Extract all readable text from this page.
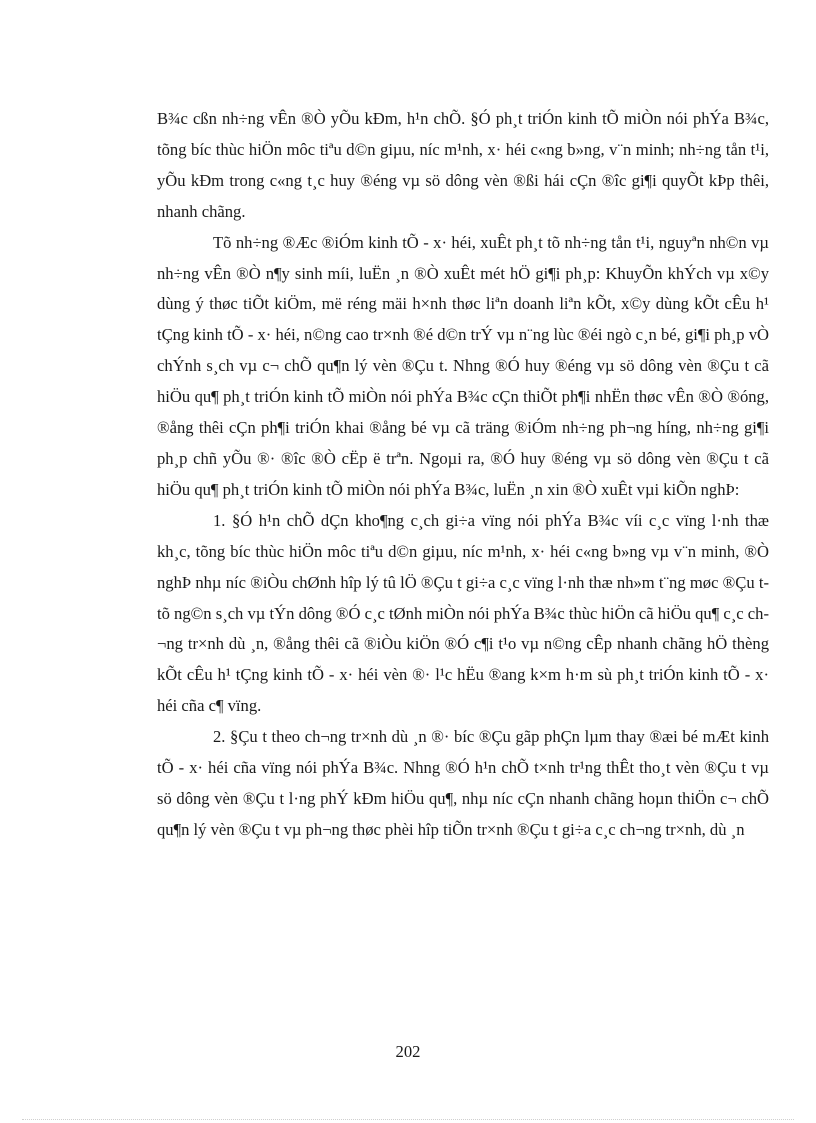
B¾c cßn nh÷ng vÊn ®Ò yÕu kÐm, h¹n chÕ. §Ó ph¸t triÓn kinh tÕ miÒn nói phÝa B¾c, tõng bíc thùc hiÖn môc tiªu d©n giµu, níc m¹nh, x· héi c«ng b»ng, v¨n minh; nh÷ng tån t¹i, yÕu kÐm trong c«ng t¸c huy ®éng vµ sö dông vèn ®ßi hái cÇn ®îc gi¶i quyÕt kÞp thêi, nhanh chãng.

Tõ nh÷ng ®Æc ®iÓm kinh tÕ - x· héi, xuÊt ph¸t tõ nh÷ng tån t¹i, nguyªn nh©n vµ nh÷ng vÊn ®Ò n¶y sinh míi, luËn ¸n ®Ò xuÊt mét hÖ gi¶i ph¸p: KhuyÕn khÝch vµ x©y dùng ý thøc tiÕt kiÖm, më réng mäi h×nh thøc liªn doanh liªn kÕt, x©y dùng kÕt cÊu h¹ tÇng kinh tÕ - x· héi, n©ng cao tr×nh ®é d©n trÝ vµ n¨ng lùc ®éi ngò c¸n bé, gi¶i ph¸p vÒ chÝnh s¸ch vµ c¬ chÕ qu¶n lý vèn ®Çu t. Nhng ®Ó huy ®éng vµ sö dông vèn ®Çu t cã hiÖu qu¶ ph¸t triÓn kinh tÕ miÒn nói phÝa B¾c cÇn thiÕt ph¶i nhËn thøc vÊn ®Ò ®óng, ®ång thêi cÇn ph¶i triÓn khai ®ång bé vµ cã träng ®iÓm nh÷ng ph¬ng híng, nh÷ng gi¶i ph¸p chñ yÕu ®· ®îc ®Ò cËp ë trªn. Ngoµi ra, ®Ó huy ®éng vµ sö dông vèn ®Çu t cã hiÖu qu¶ ph¸t triÓn kinh tÕ miÒn nói phÝa B¾c, luËn ¸n xin ®Ò xuÊt vµi kiÕn nghÞ:

1. §Ó h¹n chÕ dÇn kho¶ng c¸ch gi÷a vïng nói phÝa B¾c víi c¸c vïng l·nh thæ kh¸c, tõng bíc thùc hiÖn môc tiªu d©n giµu, níc m¹nh, x· héi c«ng b»ng vµ v¨n minh, ®Ò nghÞ nhµ níc ®iÒu chØnh hîp lý tû lÖ ®Çu t gi÷a c¸c vïng l·nh thæ nh»m t¨ng møc ®Çu t tõ ng©n s¸ch vµ tÝn dông ®Ó c¸c tØnh miÒn nói phÝa B¾c thùc hiÖn cã hiÖu qu¶ c¸c ch¬ng tr×nh dù ¸n, ®ång thêi cã ®iÒu kiÖn ®Ó c¶i t¹o vµ n©ng cÊp nhanh chãng hÖ thèng kÕt cÊu h¹ tÇng kinh tÕ - x· héi vèn ®· l¹c hËu ®ang k×m h·m sù ph¸t triÓn kinh tÕ - x· héi cña c¶ vïng.

2. §Çu t theo ch¬ng tr×nh dù ¸n ®· bíc ®Çu gãp phÇn lµm thay ®æi bé mÆt kinh tÕ - x· héi cña vïng nói phÝa B¾c. Nhng ®Ó h¹n chÕ t×nh tr¹ng thÊt tho¸t vèn ®Çu t vµ sö dông vèn ®Çu t l·ng phÝ kÐm hiÖu qu¶, nhµ níc cÇn nhanh chãng hoµn thiÖn c¬ chÕ qu¶n lý vèn ®Çu t vµ ph¬ng thøc phèi hîp tiÕn tr×nh ®Çu t gi÷a c¸c ch¬ng tr×nh, dù ¸n

202
